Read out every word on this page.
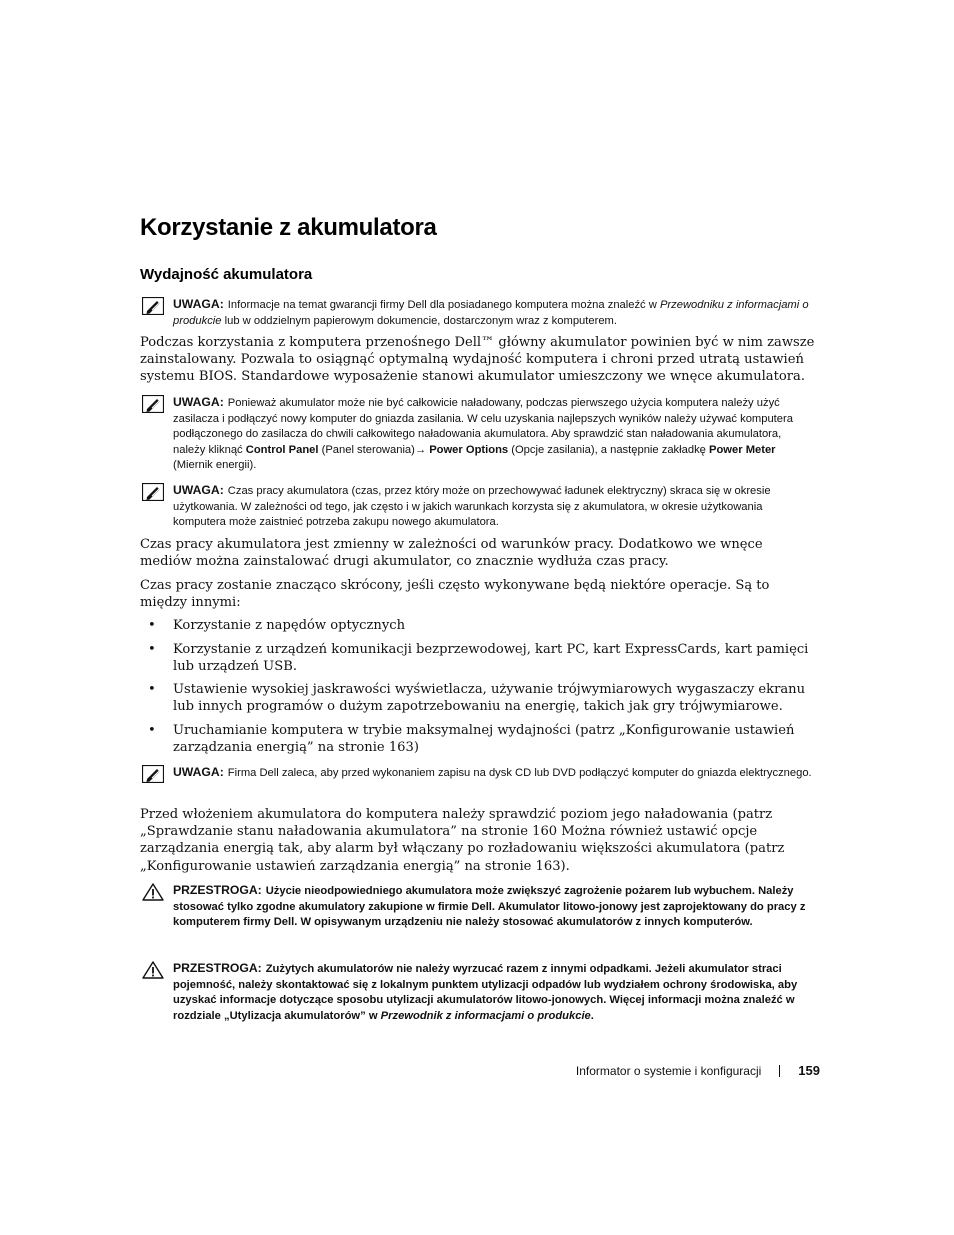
Korzystanie z akumulatora
Wydajność akumulatora
UWAGA: Informacje na temat gwarancji firmy Dell dla posiadanego komputera można znaleźć w Przewodniku z informacjami o produkcie lub w oddzielnym papierowym dokumencie, dostarczonym wraz z komputerem.

Podczas korzystania z komputera przenośnego Dell™ główny akumulator powinien być w nim zawsze zainstalowany. Pozwala to osiągnąć optymalną wydajność komputera i chroni przed utratą ustawień systemu BIOS. Standardowe wyposażenie stanowi akumulator umieszczony we wnęce akumulatora.

UWAGA: Ponieważ akumulator może nie być całkowicie naładowany, podczas pierwszego użycia komputera należy użyć zasilacza i podłączyć nowy komputer do gniazda zasilania. W celu uzyskania najlepszych wyników należy używać komputera podłączonego do zasilacza do chwili całkowitego naładowania akumulatora. Aby sprawdzić stan naładowania akumulatora, należy kliknąć Control Panel (Panel sterowania)→ Power Options (Opcje zasilania), a następnie zakładkę Power Meter (Miernik energii).
UWAGA: Czas pracy akumulatora (czas, przez który może on przechowywać ładunek elektryczny) skraca się w okresie użytkowania. W zależności od tego, jak często i w jakich warunkach korzysta się z akumulatora, w okresie użytkowania komputera może zaistnieć potrzeba zakupu nowego akumulatora.

Czas pracy akumulatora jest zmienny w zależności od warunków pracy. Dodatkowo we wnęce mediów można zainstalować drugi akumulator, co znacznie wydłuża czas pracy.

Czas pracy zostanie znacząco skrócony, jeśli często wykonywane będą niektóre operacje. Są to między innymi:

• Korzystanie z napędów optycznych
• Korzystanie z urządzeń komunikacji bezprzewodowej, kart PC, kart ExpressCards, kart pamięci lub urządzeń USB.
• Ustawienie wysokiej jaskrawości wyświetlacza, używanie trójwymiarowych wygaszaczy ekranu lub innych programów o dużym zapotrzebowaniu na energię, takich jak gry trójwymiarowe.
• Uruchamianie komputera w trybie maksymalnej wydajności (patrz „Konfigurowanie ustawień zarządzania energią” na stronie 163)
UWAGA: Firma Dell zaleca, aby przed wykonaniem zapisu na dysk CD lub DVD podłączyć komputer do gniazda elektrycznego.

Przed włożeniem akumulatora do komputera należy sprawdzić poziom jego naładowania (patrz „Sprawdzanie stanu naładowania akumulatora” na stronie 160 Można również ustawić opcje zarządzania energią tak, aby alarm był włączany po rozładowaniu większości akumulatora (patrz „Konfigurowanie ustawień zarządzania energią” na stronie 163).

PRZESTROGA: Użycie nieodpowiedniego akumulatora może zwiększyć zagrożenie pożarem lub wybuchem. Należy stosować tylko zgodne akumulatory zakupione w firmie Dell. Akumulator litowo-jonowy jest zaprojektowany do pracy z komputerem firmy Dell. W opisywanym urządzeniu nie należy stosować akumulatorów z innych komputerów.
PRZESTROGA: Zużytych akumulatorów nie należy wyrzucać razem z innymi odpadkami. Jeżeli akumulator straci pojemność, należy skontaktować się z lokalnym punktem utylizacji odpadów lub wydziałem ochrony środowiska, aby uzyskać informacje dotyczące sposobu utylizacji akumulatorów litowo-jonowych. Więcej informacji można znaleźć w rozdziale „Utylizacja akumulatorów” w Przewodnik z informacjami o produkcie.
Informator o systemie i konfiguracji	159
